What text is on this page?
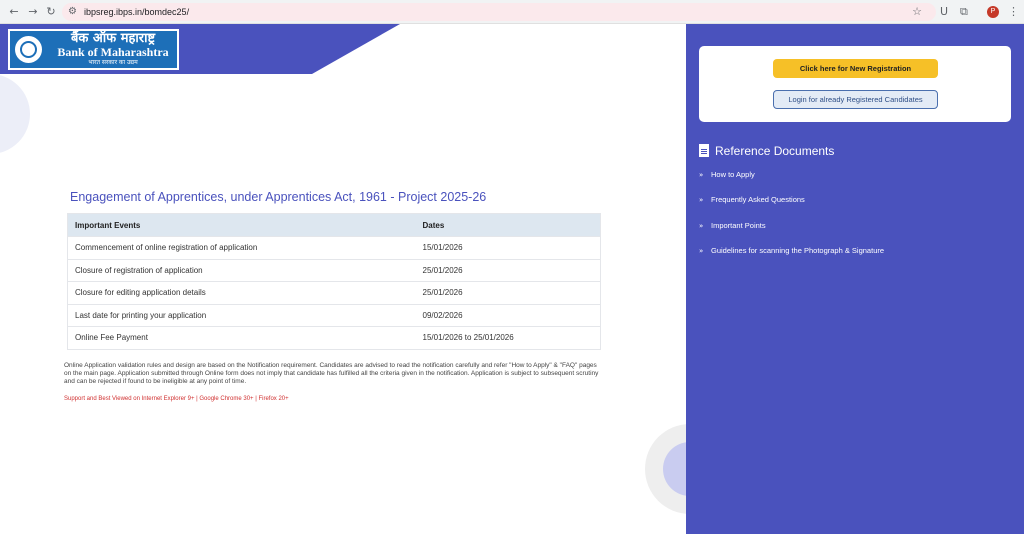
← → ↻	⚙ ibpsreg.ibps.in/bomdec25/	☆ U ⧉	P	⋮
बैंक ऑफ महाराष्ट्र
Bank of Maharashtra
भारत सरकार का उद्यम
Engagement of Apprentices, under Apprentices Act, 1961 - Project 2025-26
Important Events	Dates
Commencement of online registration of application	15/01/2026
Closure of registration of application	25/01/2026
Closure for editing application details	25/01/2026
Last date for printing your application	09/02/2026
Online Fee Payment	15/01/2026 to 25/01/2026
Online Application validation rules and design are based on the Notification requirement. Candidates are advised to read the notification carefully and refer "How to Apply" & "FAQ" pages on the main page. Application submitted through Online form does not imply that candidate has fulfilled all the criteria given in the notification. Application is subject to subsequent scrutiny and can be rejected if found to be ineligible at any point of time.
Support and Best Viewed on Internet Explorer 9+ | Google Chrome 30+ | Firefox 20+
Click here for New Registration
Login for already Registered Candidates
Reference Documents
» How to Apply
» Frequently Asked Questions
» Important Points
» Guidelines for scanning the Photograph & Signature
